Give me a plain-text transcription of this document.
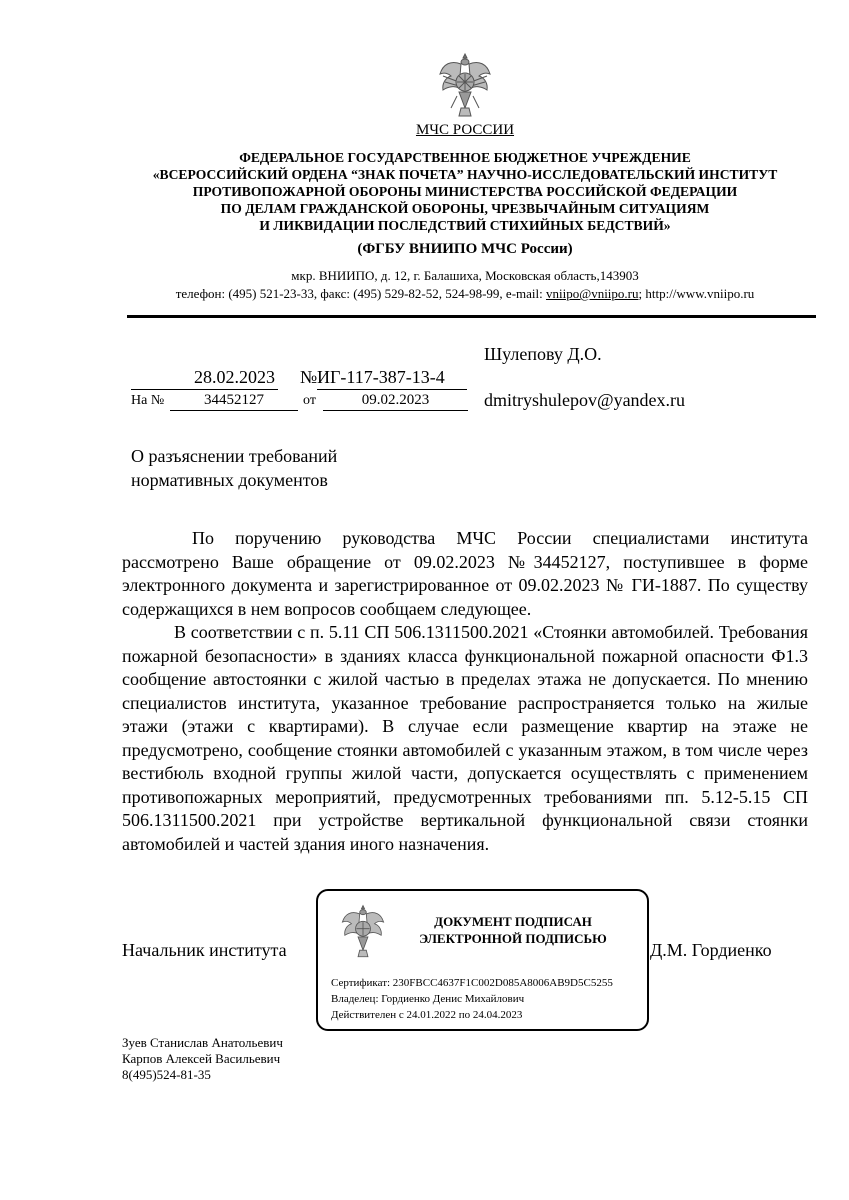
МЧС РОССИИ
ФЕДЕРАЛЬНОЕ ГОСУДАРСТВЕННОЕ БЮДЖЕТНОЕ УЧРЕЖДЕНИЕ
«ВСЕРОССИЙСКИЙ ОРДЕНА “ЗНАК ПОЧЕТА” НАУЧНО-ИССЛЕДОВАТЕЛЬСКИЙ ИНСТИТУТ
ПРОТИВОПОЖАРНОЙ ОБОРОНЫ МИНИСТЕРСТВА РОССИЙСКОЙ ФЕДЕРАЦИИ
ПО ДЕЛАМ ГРАЖДАНСКОЙ ОБОРОНЫ, ЧРЕЗВЫЧАЙНЫМ СИТУАЦИЯМ
И ЛИКВИДАЦИИ ПОСЛЕДСТВИЙ СТИХИЙНЫХ БЕДСТВИЙ»
(ФГБУ ВНИИПО МЧС России)
мкр. ВНИИПО, д. 12, г. Балашиха, Московская область,143903
телефон: (495) 521-23-33, факс: (495) 529-82-52, 524-98-99, e-mail: vniipo@vniipo.ru; http://www.vniipo.ru
28.02.2023 № ИГ-117-387-13-4
На №	34452127	от	09.02.2023
Шулепову Д.О.
dmitryshulepov@yandex.ru
О разъяснении требований
нормативных документов

По поручению руководства МЧС России специалистами института рассмотрено Ваше обращение от 09.02.2023 №34452127, поступившее в форме электронного документа и зарегистрированное от 09.02.2023 № ГИ-1887. По существу содержащихся в нем вопросов сообщаем следующее.

В соответствии с п. 5.11 СП 506.1311500.2021 «Стоянки автомобилей. Требования пожарной безопасности» в зданиях класса функциональной пожарной опасности Ф1.3 сообщение автостоянки с жилой частью в пределах этажа не допускается. По мнению специалистов института, указанное требование распространяется только на жилые этажи (этажи с квартирами). В случае если размещение квартир на этаже не предусмотрено, сообщение стоянки автомобилей с указанным этажом, в том числе через вестибюль входной группы жилой части, допускается осуществлять с применением противопожарных мероприятий, предусмотренных требованиями пп. 5.12-5.15 СП 506.1311500.2021 при устройстве вертикальной функциональной связи стоянки автомобилей и частей здания иного назначения.

Начальник института	Д.М. Гордиенко
ДОКУМЕНТ ПОДПИСАН
ЭЛЕКТРОННОЙ ПОДПИСЬЮ
Сертификат: 230FBCC4637F1C002D085A8006AB9D5C5255
Владелец: Гордиенко Денис Михайлович
Действителен с 24.01.2022 по 24.04.2023
Зуев Станислав Анатольевич
Карпов Алексей Васильевич
8(495)524-81-35
